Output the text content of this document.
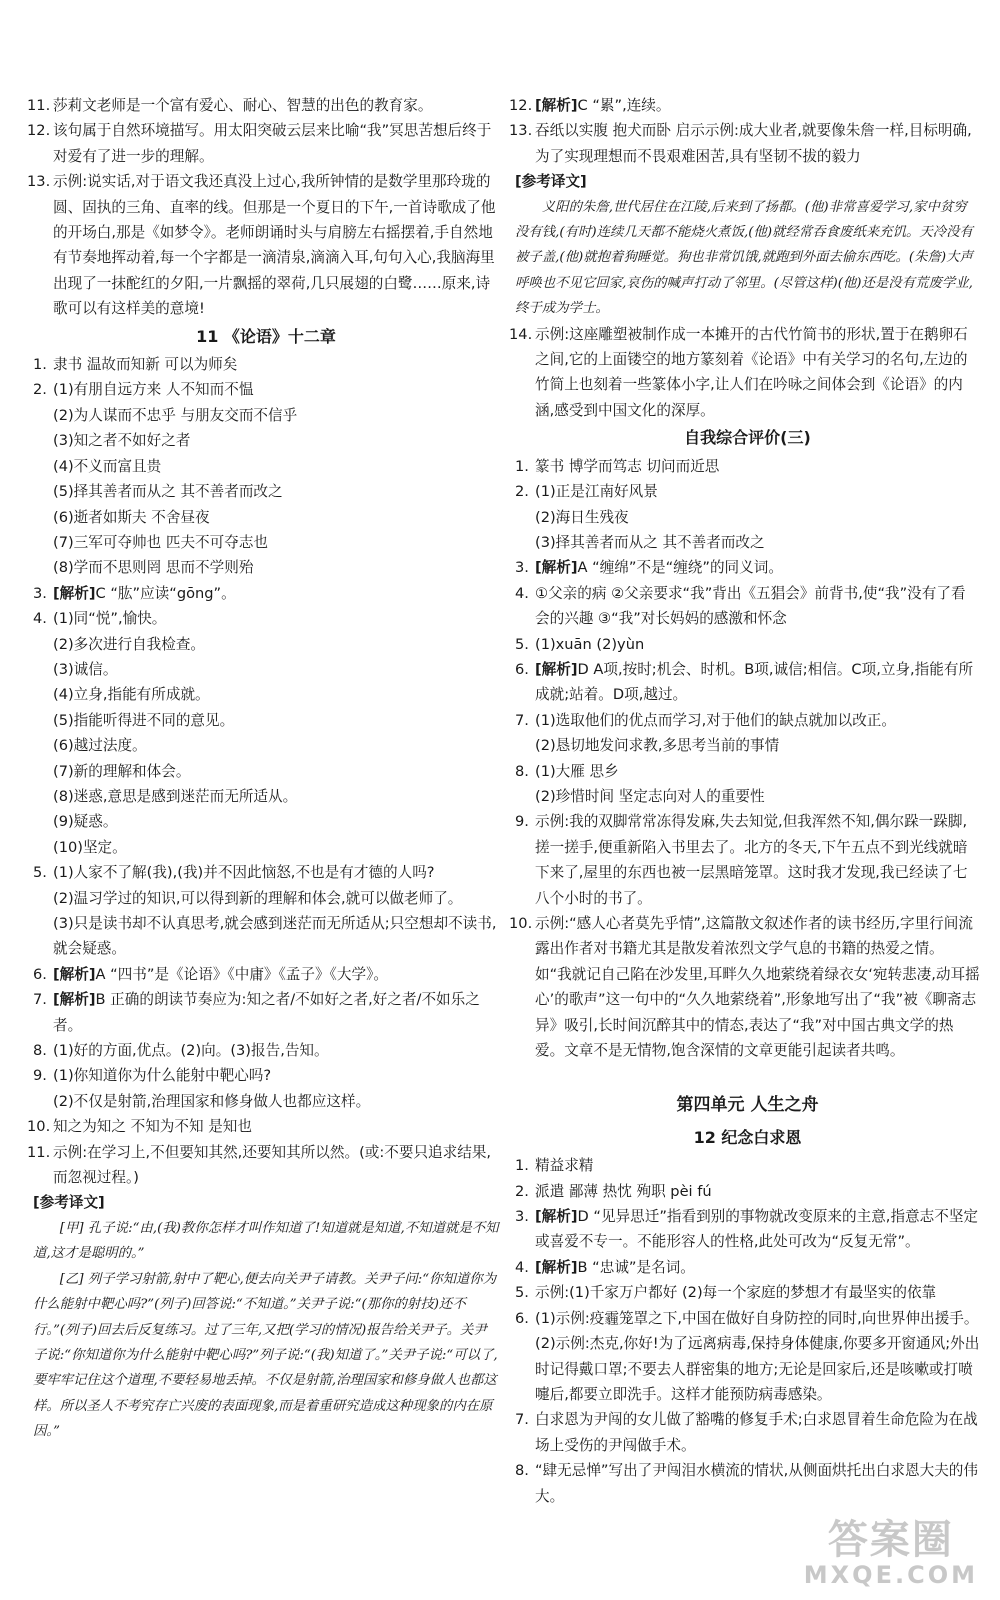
11. 莎莉文老师是一个富有爱心、耐心、智慧的出色的教育家。
12. 该句属于自然环境描写。用太阳突破云层来比喻“我”冥思苦想后终于对爱有了进一步的理解。
13. 示例:说实话,对于语文我还真没上过心,我所钟情的是数学里那玲珑的圆、固执的三角、直率的线。但那是一个夏日的下午,一首诗歌成了他的开场白,那是《如梦令》。老师朗诵时头与肩膀左右摇摆着,手自然地有节奏地挥动着,每一个字都是一滴清泉,滴滴入耳,句句入心,我脑海里出现了一抹酡红的夕阳,一片飘摇的翠荷,几只展翅的白鹭……原来,诗歌可以有这样美的意境!
11 《论语》十二章
1. 隶书 温故而知新 可以为师矣
2. (1)有朋自远方来 人不知而不愠
(2)为人谋而不忠乎 与朋友交而不信乎
(3)知之者不如好之者
(4)不义而富且贵
(5)择其善者而从之 其不善者而改之
(6)逝者如斯夫 不舍昼夜
(7)三军可夺帅也 匹夫不可夺志也
(8)学而不思则罔 思而不学则殆
3. [解析]C “肱”应读“gōng”。
4. (1)同“悦”,愉快。
(2)多次进行自我检查。
(3)诚信。
(4)立身,指能有所成就。
(5)指能听得进不同的意见。
(6)越过法度。
(7)新的理解和体会。
(8)迷惑,意思是感到迷茫而无所适从。
(9)疑惑。
(10)坚定。
5. (1)人家不了解(我),(我)并不因此恼怒,不也是有才德的人吗?
(2)温习学过的知识,可以得到新的理解和体会,就可以做老师了。
(3)只是读书却不认真思考,就会感到迷茫而无所适从;只空想却不读书,就会疑惑。
6. [解析]A “四书”是《论语》《中庸》《孟子》《大学》。
7. [解析]B 正确的朗读节奏应为:知之者/不如好之者,好之者/不如乐之者。
8. (1)好的方面,优点。(2)向。(3)报告,告知。
9. (1)你知道你为什么能射中靶心吗?
(2)不仅是射箭,治理国家和修身做人也都应这样。
10. 知之为知之 不知为不知 是知也
11. 示例:在学习上,不但要知其然,还要知其所以然。(或:不要只追求结果,而忽视过程。)
[参考译文]

[甲] 孔子说:“由,(我)教你怎样才叫作知道了!知道就是知道,不知道就是不知道,这才是聪明的。”

[乙] 列子学习射箭,射中了靶心,便去向关尹子请教。关尹子问:“你知道你为什么能射中靶心吗?”(列子)回答说:“不知道。”关尹子说:“(那你的射技)还不行。”(列子)回去后反复练习。过了三年,又把(学习的情况)报告给关尹子。关尹子说:“你知道你为什么能射中靶心吗?”列子说:“(我)知道了。”关尹子说:“可以了,要牢牢记住这个道理,不要轻易地丢掉。不仅是射箭,治理国家和修身做人也都这样。所以圣人不考究存亡兴废的表面现象,而是着重研究造成这种现象的内在原因。”

12. [解析]C “累”,连续。
13. 吞纸以实腹 抱犬而卧 启示示例:成大业者,就要像朱詹一样,目标明确,为了实现理想而不畏艰难困苦,具有坚韧不拔的毅力
[参考译文]

义阳的朱詹,世代居住在江陵,后来到了扬都。(他)非常喜爱学习,家中贫穷没有钱,(有时)连续几天都不能烧火煮饭,(他)就经常吞食废纸来充饥。天冷没有被子盖,(他)就抱着狗睡觉。狗也非常饥饿,就跑到外面去偷东西吃。(朱詹)大声呼唤也不见它回家,哀伤的喊声打动了邻里。(尽管这样)(他)还是没有荒废学业,终于成为学士。

14. 示例:这座雕塑被制作成一本摊开的古代竹简书的形状,置于在鹅卵石之间,它的上面镂空的地方篆刻着《论语》中有关学习的名句,左边的竹简上也刻着一些篆体小字,让人们在吟咏之间体会到《论语》的内涵,感受到中国文化的深厚。
自我综合评价(三)
1. 篆书 博学而笃志 切问而近思
2. (1)正是江南好风景
(2)海日生残夜
(3)择其善者而从之 其不善者而改之
3. [解析]A “缠绵”不是“缠绕”的同义词。
4. ①父亲的病 ②父亲要求“我”背出《五猖会》前背书,使“我”没有了看会的兴趣 ③“我”对长妈妈的感激和怀念
5. (1)xuān (2)yùn
6. [解析]D A项,按时;机会、时机。B项,诚信;相信。C项,立身,指能有所成就;站着。D项,越过。
7. (1)选取他们的优点而学习,对于他们的缺点就加以改正。
(2)恳切地发问求教,多思考当前的事情
8. (1)大雁 思乡
(2)珍惜时间 坚定志向对人的重要性
9. 示例:我的双脚常常冻得发麻,失去知觉,但我浑然不知,偶尔跺一跺脚,搓一搓手,便重新陷入书里去了。北方的冬天,下午五点不到光线就暗下来了,屋里的东西也被一层黑暗笼罩。这时我才发现,我已经读了七八个小时的书了。
10. 示例:“感人心者莫先乎情”,这篇散文叙述作者的读书经历,字里行间流露出作者对书籍尤其是散发着浓烈文学气息的书籍的热爱之情。如“我就记自己陷在沙发里,耳畔久久地萦绕着绿衣女‘宛转悲凄,动耳摇心’的歌声”这一句中的“久久地萦绕着”,形象地写出了“我”被《聊斋志异》吸引,长时间沉醉其中的情态,表达了“我”对中国古典文学的热爱。文章不是无情物,饱含深情的文章更能引起读者共鸣。
第四单元 人生之舟
12 纪念白求恩
1. 精益求精
2. 派遣 鄙薄 热忱 殉职 pèi fú
3. [解析]D “见异思迁”指看到别的事物就改变原来的主意,指意志不坚定或喜爱不专一。不能形容人的性格,此处可改为“反复无常”。
4. [解析]B “忠诚”是名词。
5. 示例:(1)千家万户都好 (2)每一个家庭的梦想才有最坚实的依靠
6. (1)示例:疫霾笼罩之下,中国在做好自身防控的同时,向世界伸出援手。
(2)示例:杰克,你好!为了远离病毒,保持身体健康,你要多开窗通风;外出时记得戴口罩;不要去人群密集的地方;无论是回家后,还是咳嗽或打喷嚏后,都要立即洗手。这样才能预防病毒感染。
7. 白求恩为尹闯的女儿做了豁嘴的修复手术;白求恩冒着生命危险为在战场上受伤的尹闯做手术。
8. “肆无忌惮”写出了尹闯泪水横流的情状,从侧面烘托出白求恩大夫的伟大。
答案圈
MXQE.COM
